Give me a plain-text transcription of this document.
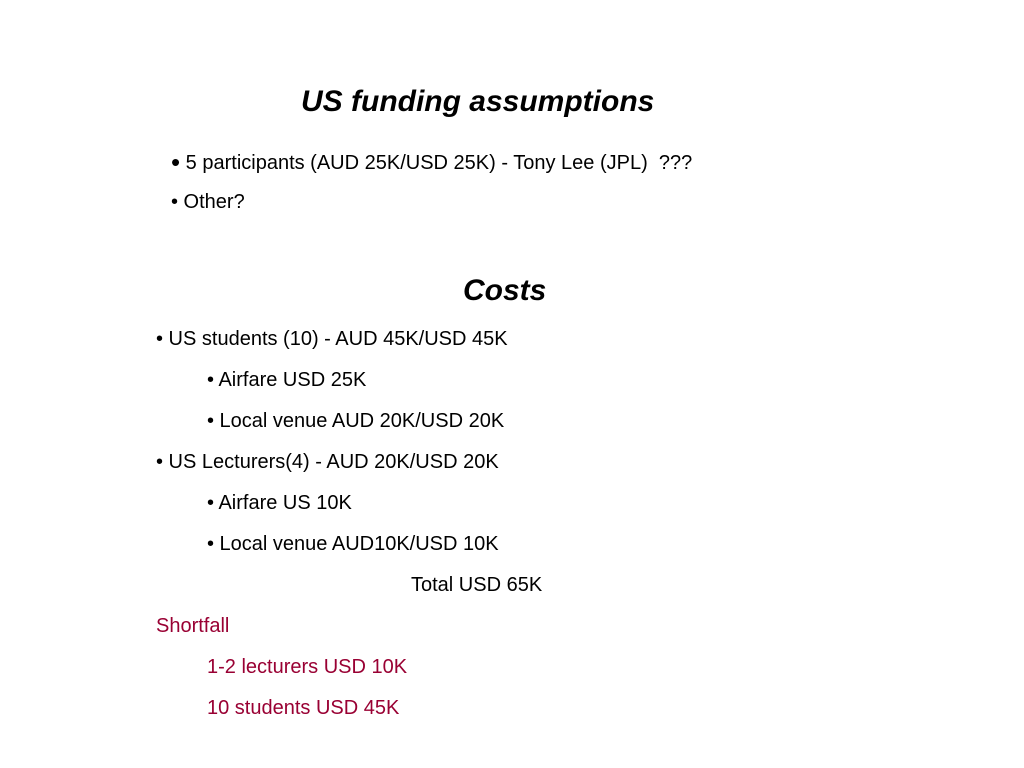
US funding assumptions
• 5 participants (AUD 25K/USD 25K) - Tony Lee (JPL)  ???
• Other?
Costs
• US students (10) - AUD 45K/USD 45K
• Airfare USD 25K
• Local venue AUD 20K/USD 20K
• US Lecturers(4) - AUD 20K/USD 20K
• Airfare US 10K
• Local venue AUD10K/USD 10K
Total USD 65K
Shortfall
1-2 lecturers USD 10K
10 students USD 45K
